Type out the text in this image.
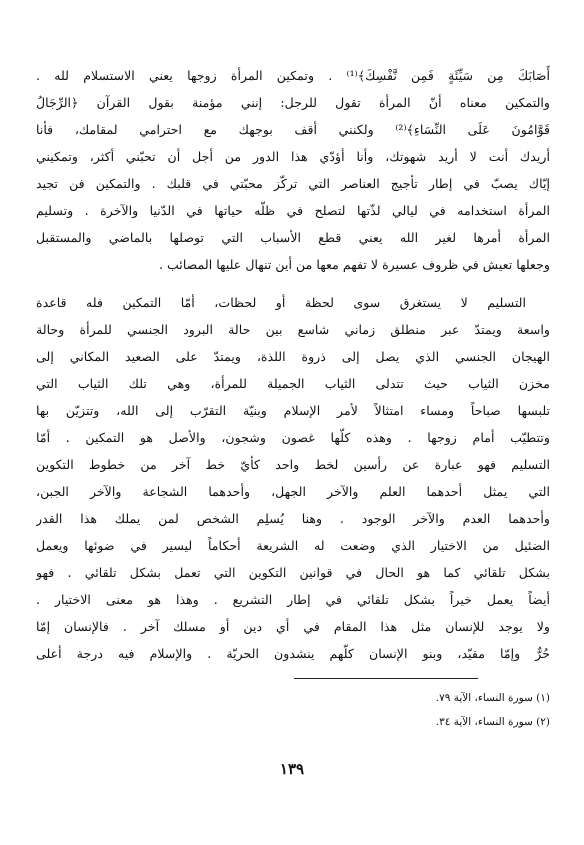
أَصَابَكَ مِن سَيِّئَةٍ فَمِن نَّفْسِكَ﴾⁽¹⁾ . وتمكين المرأة زوجها يعني الاستسلام لله .
والتمكين معناه أنّ المرأة تقول للرجل: إنني مؤمنة بقول القرآن ﴿الرِّجَالُ
قَوَّامُونَ عَلَى النِّسَاءِ﴾⁽²⁾ ولكنني أقف بوجهك مع احترامي لمقامك، فأنا
أريدك أنت لا أريد شهوتك، وأنا أؤدّي هذا الدور من أجل أن تحبّني أكثر، وتمكيني
إيّاك يصبّ في إطار تأجيج العناصر التي تركّز محبّتي في قلبك . والتمكين فن تجيد
المرأة استخدامه في ليالي لذّتها لتصلح في ظلّه حياتها في الدّنيا والآخرة . وتسليم
المرأة أمرها لغير الله يعني قطع الأسباب التي توصلها بالماضي والمستقبل
وجعلها تعيش في ظروف عسيرة لا تفهم معها من أين تنهال عليها المصائب .
التسليم لا يستغرق سوى لحظة أو لحظات، أمّا التمكين فله قاعدة
واسعة ويمتدّ عبر منطلق زماني شاسع بين حالة البرود الجنسي للمرأة وحالة
الهيجان الجنسي الذي يصل إلى ذروة اللذة، ويمتدّ على الصعيد المكاني إلى
مخزن الثياب حيث تتدلى الثياب الجميلة للمرأة، وهي تلك الثياب التي
تلبسها صباحاً ومساء امتثالاً لأمر الإسلام وبنيّة التقرّب إلى الله، وتتزيّن بها
وتتطيّب أمام زوجها . وهذه كلّها غصون وشجون، والأصل هو التمكين . أمّا
التسليم فهو عبارة عن رأسين لخط واحد كأيّ خط آخر من خطوط التكوين
التي يمثل أحدهما العلم والآخر الجهل، وأحدهما الشجاعة والآخر الجبن،
وأحدهما العدم والآخر الوجود . وهنا يُسلِم الشخص لمن يملك هذا القدر
الضئيل من الاختيار الذي وضعت له الشريعة أحكاماً ليسير في ضوئها ويعمل
بشكل تلقائي كما هو الحال في قوانين التكوين التي تعمل بشكل تلقائي . فهو
أيضاً يعمل خيراً بشكل تلقائي في إطار التشريع . وهذا هو معنى الاختيار .
ولا يوجد للإنسان مثل هذا المقام في أي دين أو مسلك آخر . فالإنسان إمّا
حُرٌّ وإمّا مقيّد، وبنو الإنسان كلّهم ينشدون الحريّة . والإسلام فيه درجة أعلى
(١) سورة النساء، الآية ٧٩.
(٢) سورة النساء، الآية ٣٤.
١٣٩
